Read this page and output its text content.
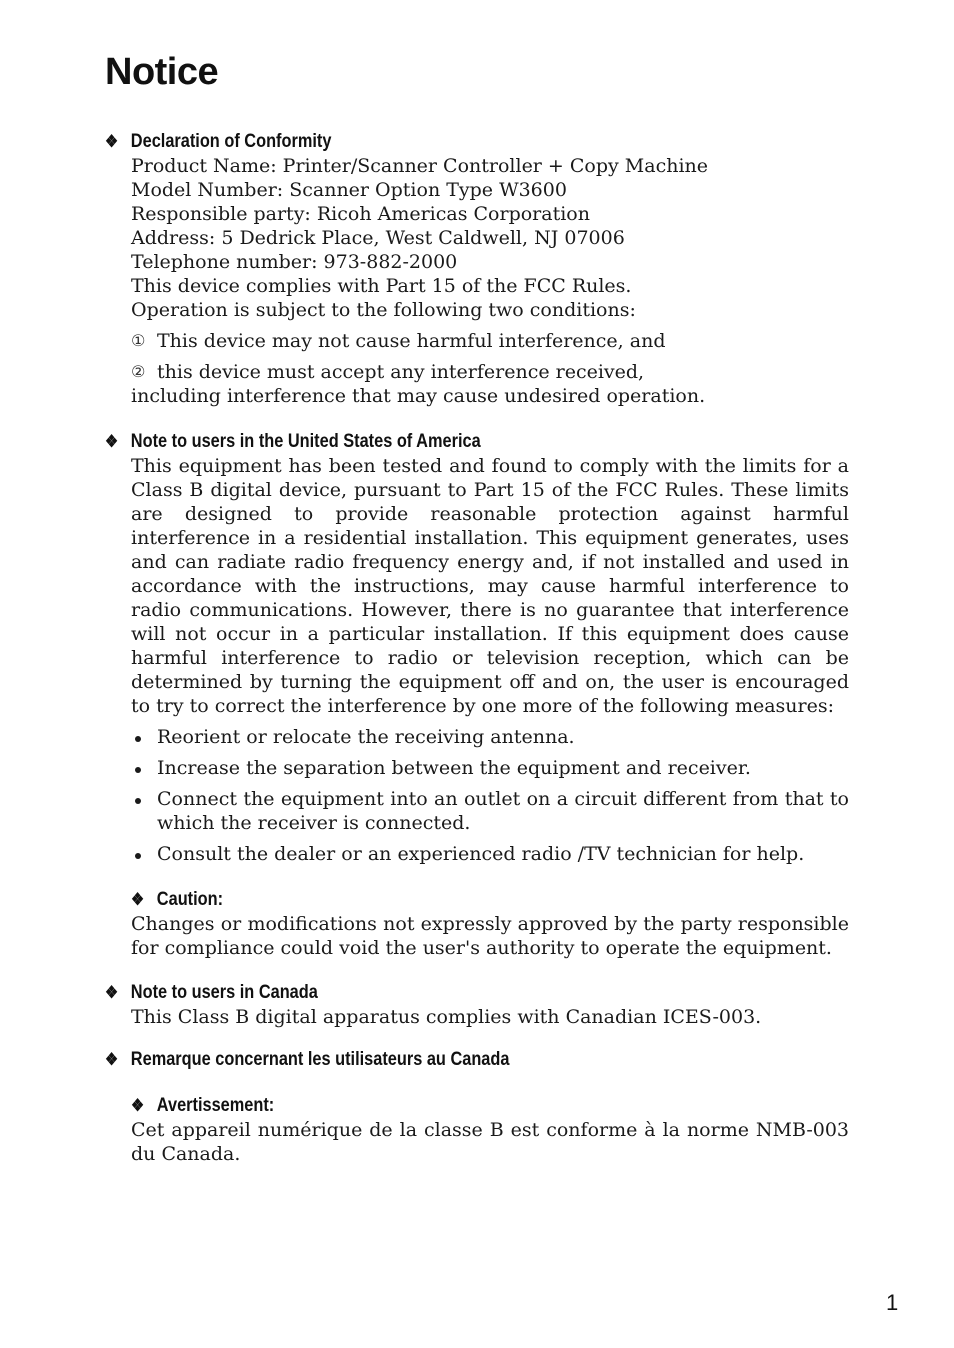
Notice
❖ Declaration of Conformity
Product Name: Printer/Scanner Controller + Copy Machine
Model Number: Scanner Option Type W3600
Responsible party: Ricoh Americas Corporation
Address: 5 Dedrick Place, West Caldwell, NJ 07006
Telephone number: 973-882-2000
This device complies with Part 15 of the FCC Rules.
Operation is subject to the following two conditions:
① This device may not cause harmful interference, and
② this device must accept any interference received,
including interference that may cause undesired operation.
❖ Note to users in the United States of America
This equipment has been tested and found to comply with the limits for a Class B digital device, pursuant to Part 15 of the FCC Rules. These limits are designed to provide reasonable protection against harmful interference in a residential installation. This equipment generates, uses and can radiate radio frequency energy and, if not installed and used in accordance with the instructions, may cause harmful interference to radio communications. However, there is no guarantee that interference will not occur in a particular installation. If this equipment does cause harmful interference to radio or television reception, which can be determined by turning the equipment off and on, the user is encouraged to try to correct the interference by one more of the following measures:
Reorient or relocate the receiving antenna.
Increase the separation between the equipment and receiver.
Connect the equipment into an outlet on a circuit different from that to which the receiver is connected.
Consult the dealer or an experienced radio /TV technician for help.
❖ Caution:
Changes or modifications not expressly approved by the party responsible for compliance could void the user's authority to operate the equipment.
❖ Note to users in Canada
This Class B digital apparatus complies with Canadian ICES-003.
❖ Remarque concernant les utilisateurs au Canada
❖ Avertissement:
Cet appareil numérique de la classe B est conforme à la norme NMB-003 du Canada.
1
